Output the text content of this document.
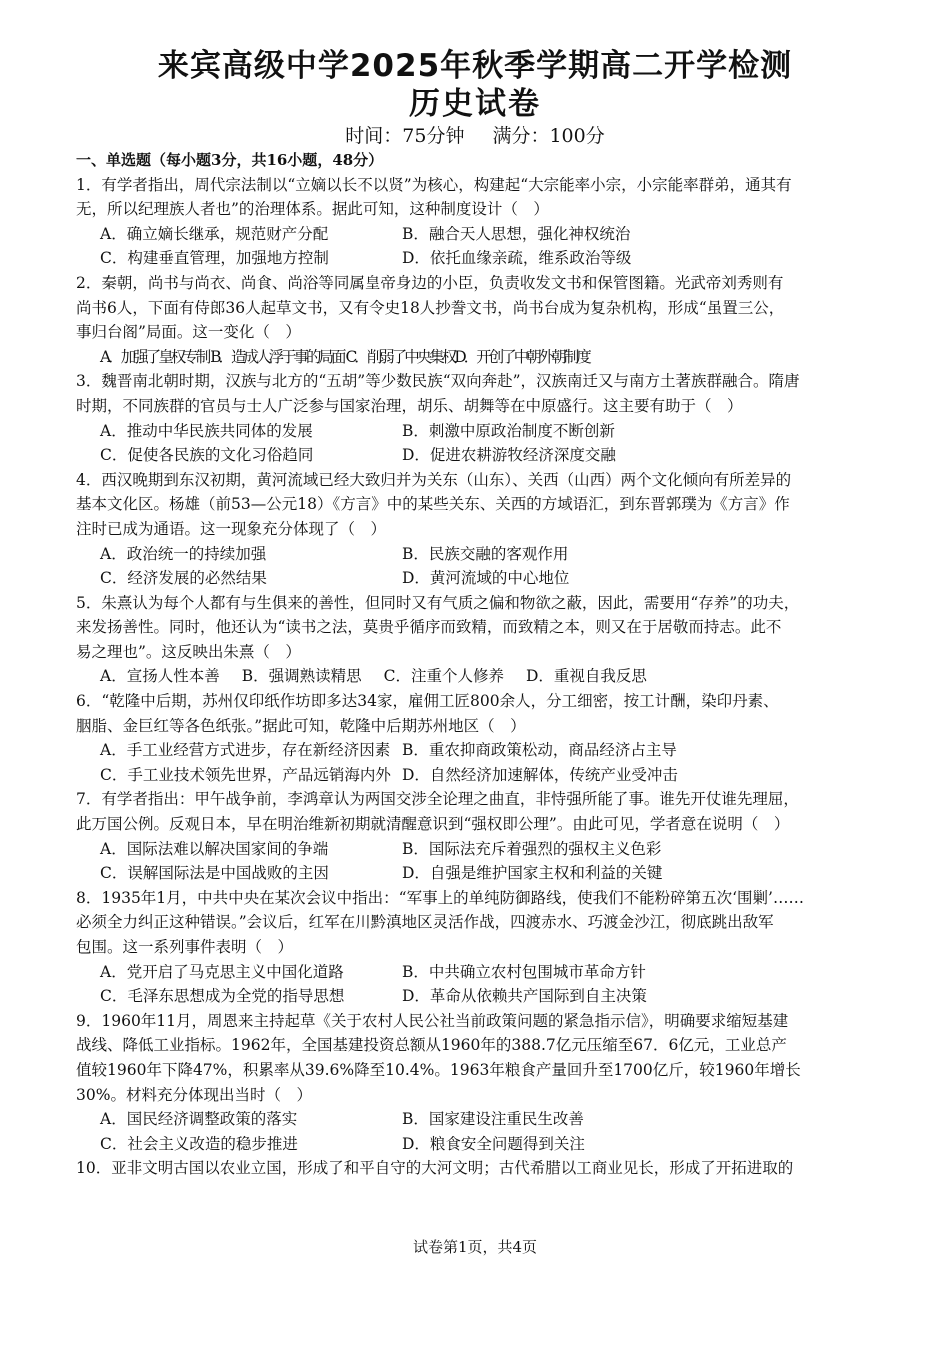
来宾高级中学2025年秋季学期高二开学检测
历史试卷
时间：75分钟 满分：100分
一、单选题（每小题3分，共16小题，48分）
1．有学者指出，周代宗法制以“立嫡以长不以贤”为核心，构建起“大宗能率小宗，小宗能率群弟，通其有
无，所以纪理族人者也”的治理体系。据此可知，这种制度设计（　）
A．确立嫡长继承，规范财产分配	B．融合天人思想，强化神权统治
C．构建垂直管理，加强地方控制	D．依托血缘亲疏，维系政治等级
2．秦朝，尚书与尚衣、尚食、尚浴等同属皇帝身边的小臣，负责收发文书和保管图籍。光武帝刘秀则有
尚书6人，下面有侍郎36人起草文书，又有令史18人抄誊文书，尚书台成为复杂机构，形成“虽置三公，
事归台阁”局面。这一变化（　）
A．加强了皇权专制 B．造成人浮于事的局面 C．削弱了中央集权D．开创了中朝外朝制度
3．魏晋南北朝时期，汉族与北方的“五胡”等少数民族“双向奔赴”，汉族南迁又与南方土著族群融合。隋唐
时期，不同族群的官员与士人广泛参与国家治理，胡乐、胡舞等在中原盛行。这主要有助于（　）
A．推动中华民族共同体的发展	B．刺激中原政治制度不断创新
C．促使各民族的文化习俗趋同	D．促进农耕游牧经济深度交融
4．西汉晚期到东汉初期，黄河流域已经大致归并为关东（山东）、关西（山西）两个文化倾向有所差异的
基本文化区。杨雄（前53—公元18）《方言》中的某些关东、关西的方域语汇，到东晋郭璞为《方言》作
注时已成为通语。这一现象充分体现了（　）
A．政治统一的持续加强	B．民族交融的客观作用
C．经济发展的必然结果	D．黄河流域的中心地位
5．朱熹认为每个人都有与生俱来的善性，但同时又有气质之偏和物欲之蔽，因此，需要用“存养”的功夫，
来发扬善性。同时，他还认为“读书之法，莫贵乎循序而致精，而致精之本，则又在于居敬而持志。此不
易之理也”。这反映出朱熹（　）
A．宣扬人性本善 B．强调熟读精思 C．注重个人修养 D．重视自我反思
6．“乾隆中后期，苏州仅印纸作坊即多达34家，雇佣工匠800余人，分工细密，按工计酬，染印丹素、
胭脂、金巨红等各色纸张。”据此可知，乾隆中后期苏州地区（　）
A．手工业经营方式进步，存在新经济因素 B．重农抑商政策松动，商品经济占主导
C．手工业技术领先世界，产品远销海内外 D．自然经济加速解体，传统产业受冲击
7．有学者指出：甲午战争前，李鸿章认为两国交涉全论理之曲直，非恃强所能了事。谁先开仗谁先理屈，
此万国公例。反观日本，早在明治维新初期就清醒意识到“强权即公理”。由此可见，学者意在说明（　）
A．国际法难以解决国家间的争端	B．国际法充斥着强烈的强权主义色彩
C．误解国际法是中国战败的主因	D．自强是维护国家主权和利益的关键
8．1935年1月，中共中央在某次会议中指出：“军事上的单纯防御路线，使我们不能粉碎第五次‘围剿’……
必须全力纠正这种错误。”会议后，红军在川黔滇地区灵活作战，四渡赤水、巧渡金沙江，彻底跳出敌军
包围。这一系列事件表明（　）
A．党开启了马克思主义中国化道路	B．中共确立农村包围城市革命方针
C．毛泽东思想成为全党的指导思想	D．革命从依赖共产国际到自主决策
9．1960年11月，周恩来主持起草《关于农村人民公社当前政策问题的紧急指示信》，明确要求缩短基建
战线、降低工业指标。1962年，全国基建投资总额从1960年的388.7亿元压缩至67．6亿元，工业总产
值较1960年下降47%，积累率从39.6%降至10.4%。1963年粮食产量回升至1700亿斤，较1960年增长
30%。材料充分体现出当时（　）
A．国民经济调整政策的落实	B．国家建设注重民生改善
C．社会主义改造的稳步推进	D．粮食安全问题得到关注
10．亚非文明古国以农业立国，形成了和平自守的大河文明；古代希腊以工商业见长，形成了开拓进取的
试卷第1页，共4页
